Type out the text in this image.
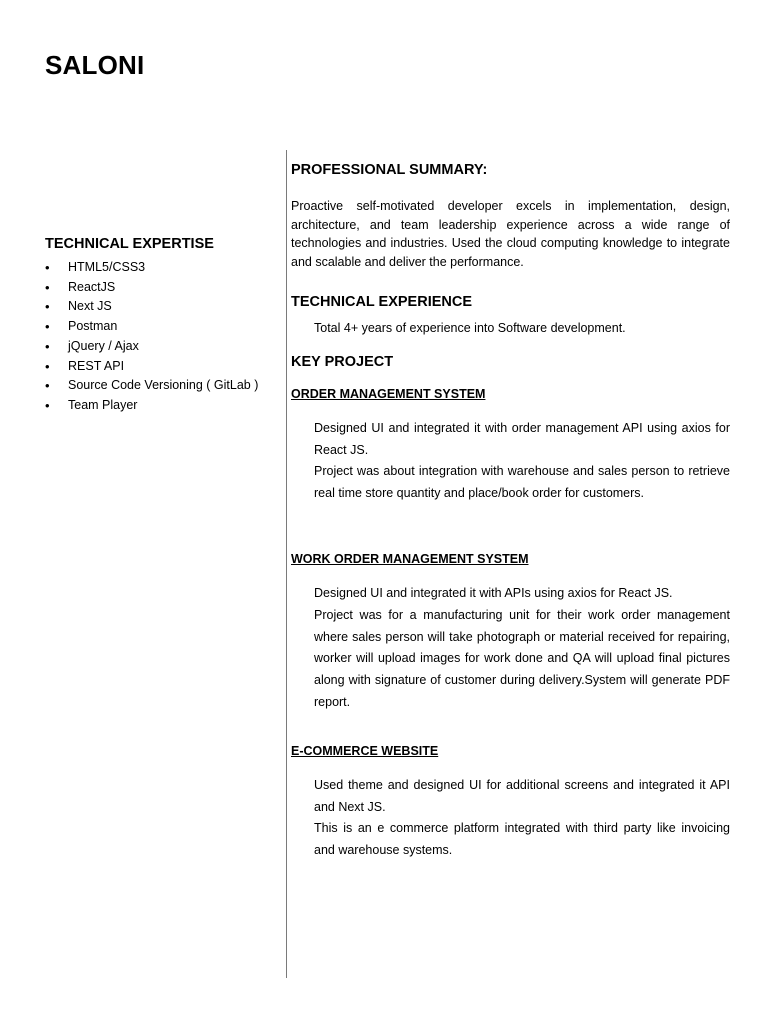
SALONI
TECHNICAL EXPERTISE
• HTML5/CSS3
• ReactJS
• Next JS
• Postman
• jQuery / Ajax
• REST API
• Source Code Versioning ( GitLab )
• Team Player
PROFESSIONAL SUMMARY:

Proactive self-motivated developer excels in implementation, design, architecture, and team leadership experience across a wide range of technologies and industries. Used the cloud computing knowledge to integrate and scalable and deliver the performance.

TECHNICAL EXPERIENCE

Total 4+ years of experience into Software development.

KEY PROJECT
ORDER MANAGEMENT SYSTEM

Designed UI and integrated it with order management API using axios for React JS.

Project was about integration with warehouse and sales person to retrieve real time store quantity and place/book order for customers.

WORK ORDER MANAGEMENT SYSTEM

Designed UI and integrated it with APIs using axios for React JS.

Project was for a manufacturing unit for their work order management where sales person will take photograph or material received for repairing, worker will upload images for work done and QA will upload final pictures along with signature of customer during delivery.System will generate PDF report.

E-COMMERCE WEBSITE

Used theme and designed UI for additional screens and integrated it API and Next JS.

This is an e commerce platform integrated with third party like invoicing and warehouse systems.
